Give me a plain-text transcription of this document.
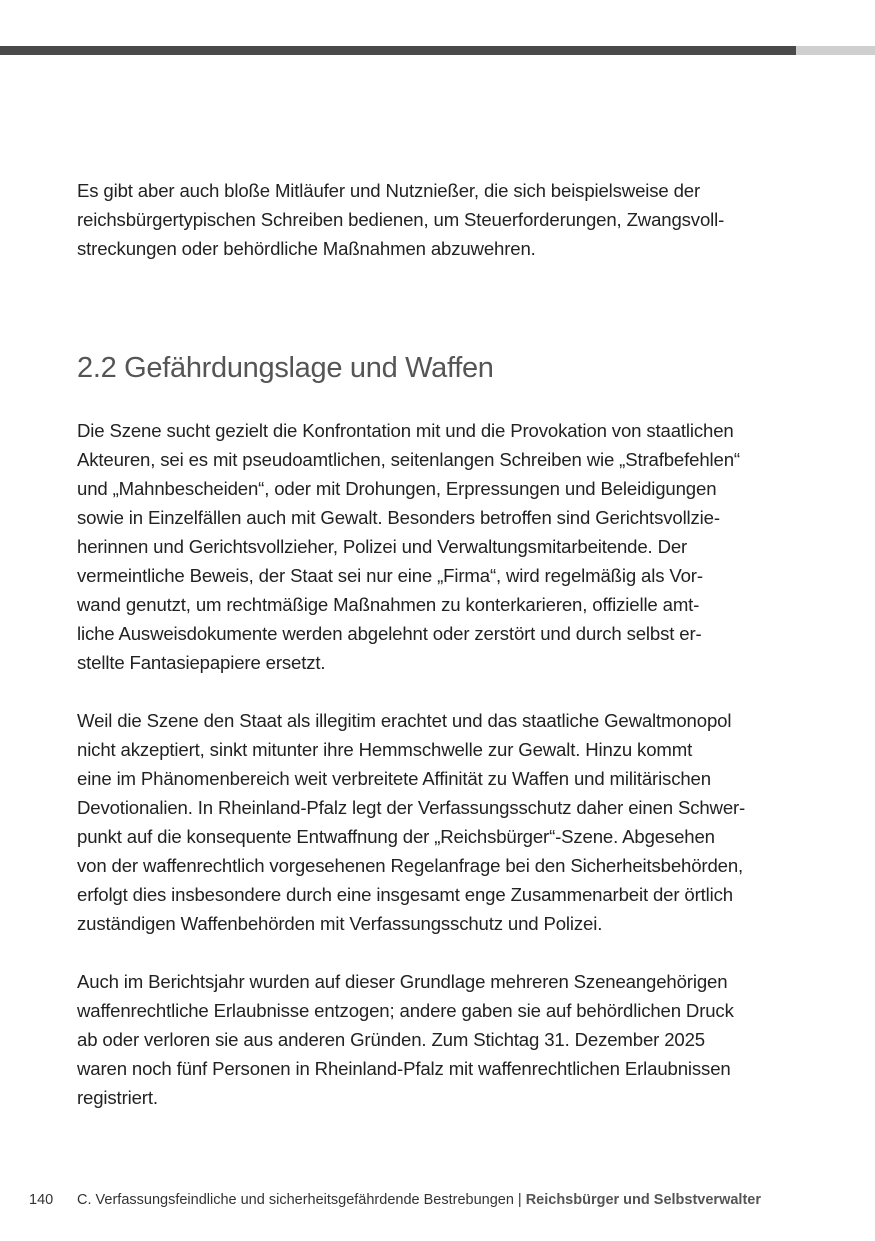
Es gibt aber auch bloße Mitläufer und Nutznießer, die sich beispielsweise der
reichsbürgertypischen Schreiben bedienen, um Steuerforderungen, Zwangsvoll-
streckungen oder behördliche Maßnahmen abzuwehren.

2.2 Gefährdungslage und Waffen

Die Szene sucht gezielt die Konfrontation mit und die Provokation von staatlichen
Akteuren, sei es mit pseudoamtlichen, seitenlangen Schreiben wie „Strafbefehlen“
und „Mahnbescheiden“, oder mit Drohungen, Erpressungen und Beleidigungen
sowie in Einzelfällen auch mit Gewalt. Besonders betroffen sind Gerichtsvollzie-
herinnen und Gerichtsvollzieher, Polizei und Verwaltungsmitarbeitende. Der
vermeintliche Beweis, der Staat sei nur eine „Firma“, wird regelmäßig als Vor-
wand genutzt, um rechtmäßige Maßnahmen zu konterkarieren, offizielle amt-
liche Ausweisdokumente werden abgelehnt oder zerstört und durch selbst er-
stellte Fantasiepapiere ersetzt.

Weil die Szene den Staat als illegitim erachtet und das staatliche Gewaltmonopol
nicht akzeptiert, sinkt mitunter ihre Hemmschwelle zur Gewalt. Hinzu kommt
eine im Phänomenbereich weit verbreitete Affinität zu Waffen und militärischen
Devotionalien. In Rheinland-Pfalz legt der Verfassungsschutz daher einen Schwer-
punkt auf die konsequente Entwaffnung der „Reichsbürger“-Szene. Abgesehen
von der waffenrechtlich vorgesehenen Regelanfrage bei den Sicherheitsbehörden,
erfolgt dies insbesondere durch eine insgesamt enge Zusammenarbeit der örtlich
zuständigen Waffenbehörden mit Verfassungsschutz und Polizei.

Auch im Berichtsjahr wurden auf dieser Grundlage mehreren Szeneangehörigen
waffenrechtliche Erlaubnisse entzogen; andere gaben sie auf behördlichen Druck
ab oder verloren sie aus anderen Gründen. Zum Stichtag 31. Dezember 2025
waren noch fünf Personen in Rheinland-Pfalz mit waffenrechtlichen Erlaubnissen
registriert.

140 C. Verfassungsfeindliche und sicherheitsgefährdende Bestrebungen | Reichsbürger und Selbstverwalter
